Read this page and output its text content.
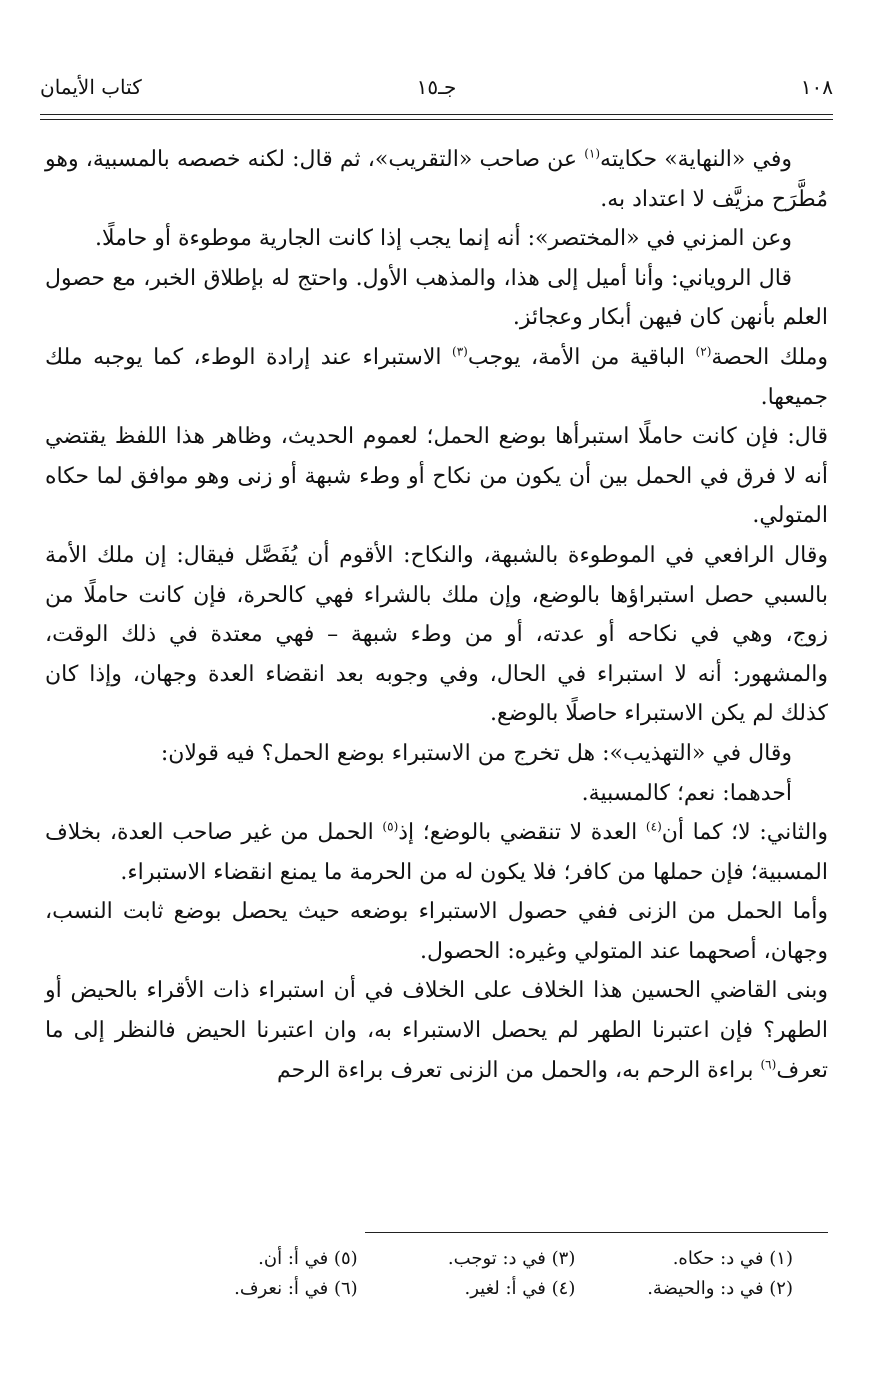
١٠٨
جـ١٥
كتاب الأيمان

وفي «النهاية» حكايته$^{(١)}$ عن صاحب «التقريب»، ثم قال: لكنه خصصه بالمسبية، وهو مُطَّرَح مزيَّف لا اعتداد به.

وعن المزني في «المختصر»: أنه إنما يجب إذا كانت الجارية موطوءة أو حاملًا.

قال الروياني: وأنا أميل إلى هذا، والمذهب الأول. واحتج له بإطلاق الخبر، مع حصول العلم بأنهن كان فيهن أبكار وعجائز.

وملك الحصة$^{(٢)}$ الباقية من الأمة، يوجب$^{(٣)}$ الاستبراء عند إرادة الوطء، كما يوجبه ملك جميعها.

قال: فإن كانت حاملًا استبرأها بوضع الحمل؛ لعموم الحديث، وظاهر هذا اللفظ يقتضي أنه لا فرق في الحمل بين أن يكون من نكاح أو وطء شبهة أو زنى وهو موافق لما حكاه المتولي.

وقال الرافعي في الموطوءة بالشبهة، والنكاح: الأقوم أن يُفَصَّل فيقال: إن ملك الأمة بالسبي حصل استبراؤها بالوضع، وإن ملك بالشراء فهي كالحرة، فإن كانت حاملًا من زوج، وهي في نكاحه أو عدته، أو من وطء شبهة – فهي معتدة في ذلك الوقت، والمشهور: أنه لا استبراء في الحال، وفي وجوبه بعد انقضاء العدة وجهان، وإذا كان كذلك لم يكن الاستبراء حاصلًا بالوضع.

وقال في «التهذيب»: هل تخرج من الاستبراء بوضع الحمل؟ فيه قولان:

أحدهما: نعم؛ كالمسبية.

والثاني: لا؛ كما أن$^{(٤)}$ العدة لا تنقضي بالوضع؛ إذ$^{(٥)}$ الحمل من غير صاحب العدة، بخلاف المسبية؛ فإن حملها من كافر؛ فلا يكون له من الحرمة ما يمنع انقضاء الاستبراء.

وأما الحمل من الزنى ففي حصول الاستبراء بوضعه حيث يحصل بوضع ثابت النسب، وجهان، أصحهما عند المتولي وغيره: الحصول.

وبنى القاضي الحسين هذا الخلاف على الخلاف في أن استبراء ذات الأقراء بالحيض أو الطهر؟ فإن اعتبرنا الطهر لم يحصل الاستبراء به، وان اعتبرنا الحيض فالنظر إلى ما تعرف$^{(٦)}$ براءة الرحم به، والحمل من الزنى تعرف براءة الرحم

(١) في د: حكاه.
(٣) في د: توجب.
(٥) في أ: أن.
(٢) في د: والحيضة.
(٤) في أ: لغير.
(٦) في أ: نعرف.
